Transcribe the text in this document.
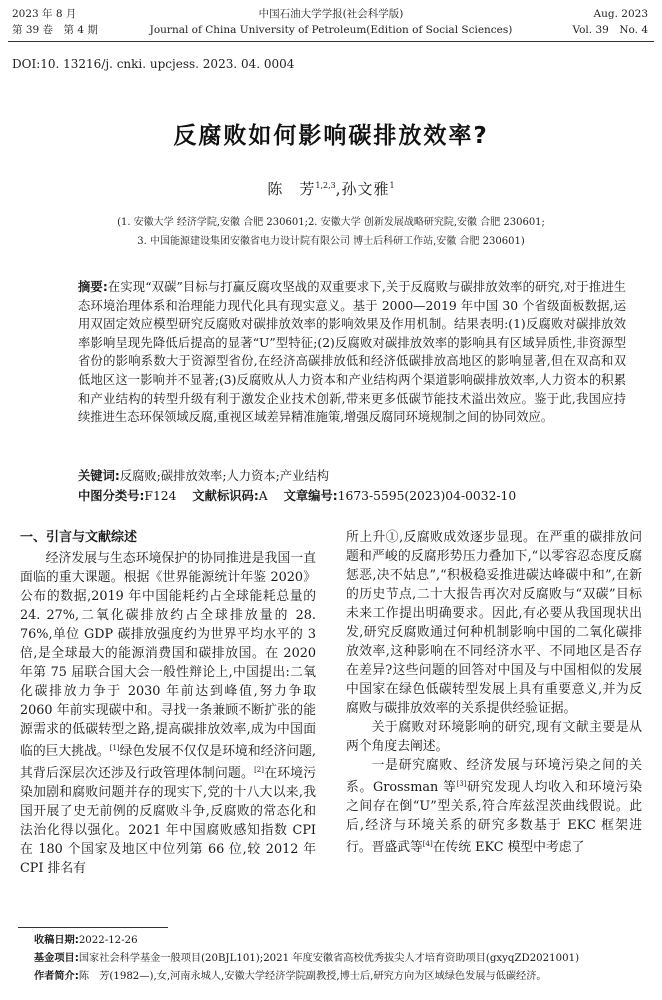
2023 年 8 月
第 39 卷　第 4 期
中国石油大学学报(社会科学版)
Journal of China University of Petroleum(Edition of Social Sciences)
Aug. 2023
Vol. 39　No. 4
DOI:10. 13216/j. cnki. upcjess. 2023. 04. 0004
反腐败如何影响碳排放效率?
陈　芳$^{1,2,3}$,孙文雅$^1$
(1. 安徽大学 经济学院,安徽 合肥 230601;2. 安徽大学 创新发展战略研究院,安徽 合肥 230601;
3. 中国能源建设集团安徽省电力设计院有限公司 博士后科研工作站,安徽 合肥 230601)
摘要:在实现“双碳”目标与打赢反腐攻坚战的双重要求下,关于反腐败与碳排放效率的研究,对于推进生态环境治理体系和治理能力现代化具有现实意义。基于 2000—2019 年中国 30 个省级面板数据,运用双固定效应模型研究反腐败对碳排放效率的影响效果及作用机制。结果表明:(1)反腐败对碳排放效率影响呈现先降低后提高的显著“U”型特征;(2)反腐败对碳排放效率的影响具有区域异质性,非资源型省份的影响系数大于资源型省份,在经济高碳排放低和经济低碳排放高地区的影响显著,但在双高和双低地区这一影响并不显著;(3)反腐败从人力资本和产业结构两个渠道影响碳排放效率,人力资本的积累和产业结构的转型升级有利于激发企业技术创新,带来更多低碳节能技术溢出效应。鉴于此,我国应持续推进生态环保领域反腐,重视区域差异精准施策,增强反腐同环境规制之间的协同效应。
关键词:反腐败;碳排放效率;人力资本;产业结构
中图分类号:F124 文献标识码:A 文章编号:1673-5595(2023)04-0032-10
一、引言与文献综述

经济发展与生态环境保护的协同推进是我国一直面临的重大课题。根据《世界能源统计年鉴 2020》公布的数据,2019 年中国能耗约占全球能耗总量的 24. 27%,二氧化碳排放约占全球排放量的 28. 76%,单位 GDP 碳排放强度约为世界平均水平的 3 倍,是全球最大的能源消费国和碳排放国。在 2020 年第 75 届联合国大会一般性辩论上,中国提出:二氧化碳排放力争于 2030 年前达到峰值,努力争取 2060 年前实现碳中和。寻找一条兼顾不断扩张的能源需求的低碳转型之路,提高碳排放效率,成为中国面临的巨大挑战。[1]绿色发展不仅仅是环境和经济问题,其背后深层次还涉及行政管理体制问题。[2]在环境污染加剧和腐败问题并存的现实下,党的十八大以来,我国开展了史无前例的反腐败斗争,反腐败的常态化和法治化得以强化。2021 年中国腐败感知指数 CPI 在 180 个国家及地区中位列第 66 位,较 2012 年 CPI 排名有

所上升①,反腐败成效逐步显现。在严重的碳排放问题和严峻的反腐形势压力叠加下,“以零容忍态度反腐惩恶,决不姑息”,“积极稳妥推进碳达峰碳中和”,在新的历史节点,二十大报告再次对反腐败与“双碳”目标未来工作提出明确要求。因此,有必要从我国现状出发,研究反腐败通过何种机制影响中国的二氧化碳排放效率,这种影响在不同经济水平、不同地区是否存在差异?这些问题的回答对中国及与中国相似的发展中国家在绿色低碳转型发展上具有重要意义,并为反腐败与碳排放效率的关系提供经验证据。

关于腐败对环境影响的研究,现有文献主要是从两个角度去阐述。

一是研究腐败、经济发展与环境污染之间的关系。Grossman 等[3]研究发现人均收入和环境污染之间存在倒“U”型关系,符合库兹涅茨曲线假说。此后,经济与环境关系的研究多数基于 EKC 框架进行。晋盛武等[4]在传统 EKC 模型中考虑了

收稿日期:2022-12-26
基金项目:国家社会科学基金一般项目(20BJL101);2021 年度安徽省高校优秀拔尖人才培育资助项目(gxyqZD2021001)
作者简介:陈　芳(1982—),女,河南永城人,安徽大学经济学院副教授,博士后,研究方向为区域绿色发展与低碳经济。
